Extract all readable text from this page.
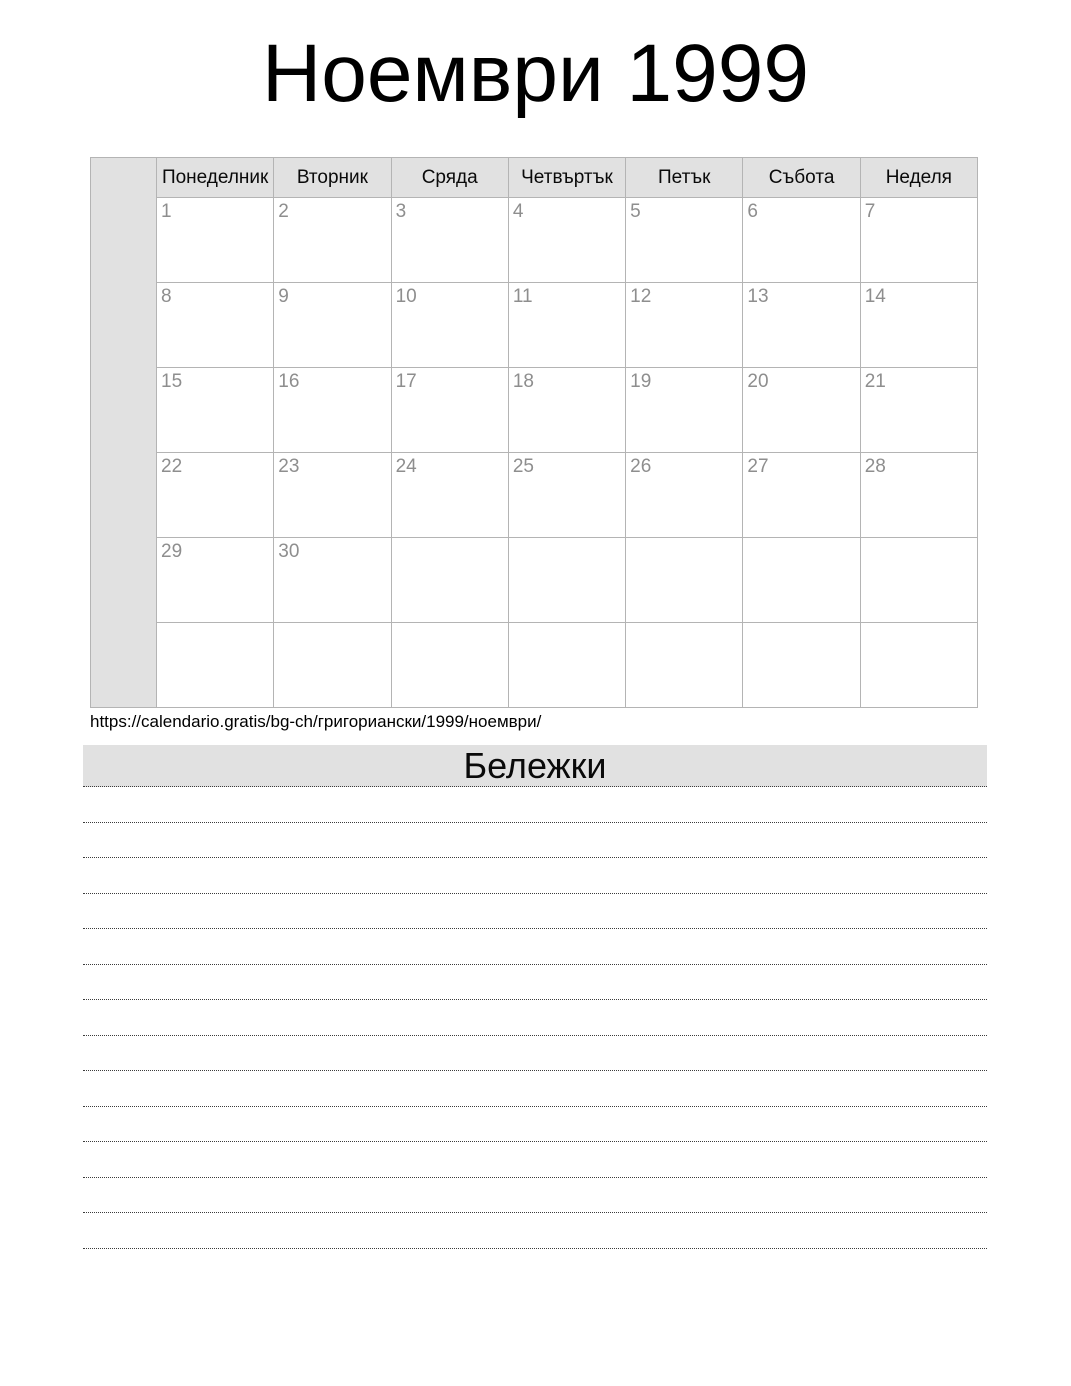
Ноември 1999
	Понеделник	Вторник	Сряда	Четвъртък	Петък	Събота	Неделя
	1	2	3	4	5	6	7
	8	9	10	11	12	13	14
	15	16	17	18	19	20	21
	22	23	24	25	26	27	28
	29	30					

https://calendario.gratis/bg-ch/григориански/1999/ноември/
Бележки
